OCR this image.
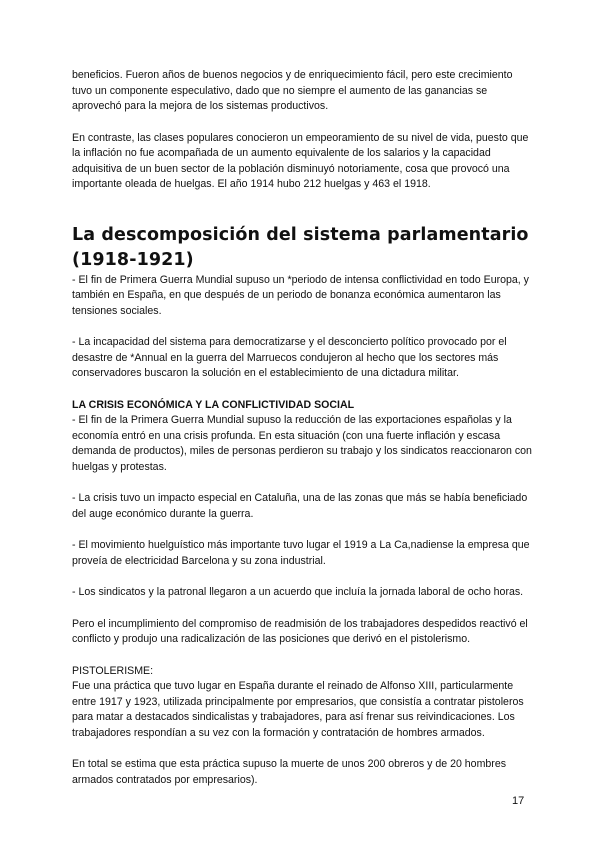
beneficios. Fueron años de buenos negocios y de enriquecimiento fácil, pero este crecimiento tuvo un componente especulativo, dado que no siempre el aumento de las ganancias se aprovechó para la mejora de los sistemas productivos.

En contraste, las clases populares conocieron un empeoramiento de su nivel de vida, puesto que la inflación no fue acompañada de un aumento equivalente de los salarios y la capacidad adquisitiva de un buen sector de la población disminuyó notoriamente, cosa que provocó una importante oleada de huelgas. El año 1914 hubo 212 huelgas y 463 el 1918.

La descomposición del sistema parlamentario (1918-1921)

- El fin de Primera Guerra Mundial supuso un *periodo de intensa conflictividad en todo Europa, y también en España, en que después de un periodo de bonanza económica aumentaron las tensiones sociales.

- La incapacidad del sistema para democratizarse y el desconcierto político provocado por el desastre de *Annual en la guerra del Marruecos condujeron al hecho que los sectores más conservadores buscaron la solución en el establecimiento de una dictadura militar.

LA CRISIS ECONÓMICA Y LA CONFLICTIVIDAD SOCIAL

- El fin de la Primera Guerra Mundial supuso la reducción de las exportaciones españolas y la economía entró en una crisis profunda. En esta situación (con una fuerte inflación y escasa demanda de productos), miles de personas perdieron su trabajo y los sindicatos reaccionaron con huelgas y protestas.

- La crisis tuvo un impacto especial en Cataluña, una de las zonas que más se había beneficiado del auge económico durante la guerra.

- El movimiento huelguístico más importante tuvo lugar el 1919 a La Ca,nadiense la empresa que proveía de electricidad Barcelona y su zona industrial.

- Los sindicatos y la patronal llegaron a un acuerdo que incluía la jornada laboral de ocho horas.

Pero el incumplimiento del compromiso de readmisión de los trabajadores despedidos reactivó el conflicto y produjo una radicalización de las posiciones que derivó en el pistolerismo.

PISTOLERISME:

Fue una práctica que tuvo lugar en España durante el reinado de Alfonso XIII, particularmente entre 1917 y 1923, utilizada principalmente por empresarios, que consistía a contratar pistoleros para matar a destacados sindicalistas y trabajadores, para así frenar sus reivindicaciones. Los trabajadores respondían a su vez con la formación y contratación de hombres armados.

En total se estima que esta práctica supuso la muerte de unos 200 obreros y de 20 hombres armados contratados por empresarios).

17
